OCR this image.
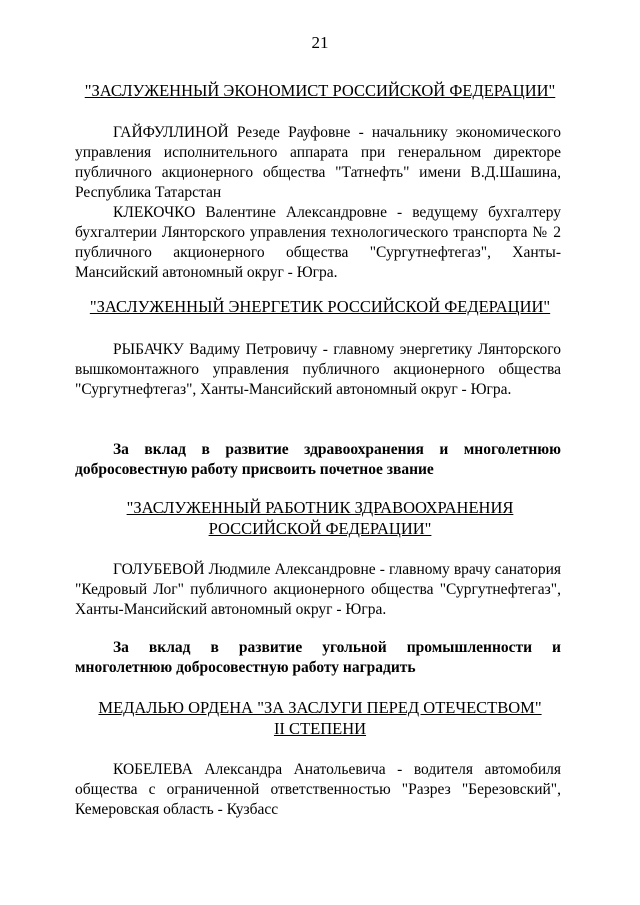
21
"ЗАСЛУЖЕННЫЙ ЭКОНОМИСТ РОССИЙСКОЙ ФЕДЕРАЦИИ"

ГАЙФУЛЛИНОЙ Резеде Рауфовне - начальнику экономического управления исполнительного аппарата при генеральном директоре публичного акционерного общества "Татнефть" имени В.Д.Шашина, Республика Татарстан

КЛЕКОЧКО Валентине Александровне - ведущему бухгалтеру бухгалтерии Лянторского управления технологического транспорта № 2 публичного акционерного общества "Сургутнефтегаз", Ханты-Мансийский автономный округ - Югра.

"ЗАСЛУЖЕННЫЙ ЭНЕРГЕТИК РОССИЙСКОЙ ФЕДЕРАЦИИ"

РЫБАЧКУ Вадиму Петровичу - главному энергетику Лянторского вышкомонтажного управления публичного акционерного общества "Сургутнефтегаз", Ханты-Мансийский автономный округ - Югра.

За вклад в развитие здравоохранения и многолетнюю добросовестную работу присвоить почетное звание

"ЗАСЛУЖЕННЫЙ РАБОТНИК ЗДРАВООХРАНЕНИЯ
РОССИЙСКОЙ ФЕДЕРАЦИИ"

ГОЛУБЕВОЙ Людмиле Александровне - главному врачу санатория "Кедровый Лог" публичного акционерного общества "Сургутнефтегаз", Ханты-Мансийский автономный округ - Югра.

За вклад в развитие угольной промышленности и многолетнюю добросовестную работу наградить

МЕДАЛЬЮ ОРДЕНА "ЗА ЗАСЛУГИ ПЕРЕД ОТЕЧЕСТВОМ"
II СТЕПЕНИ

КОБЕЛЕВА Александра Анатольевича - водителя автомобиля общества с ограниченной ответственностью "Разрез "Березовский", Кемеровская область - Кузбасс
